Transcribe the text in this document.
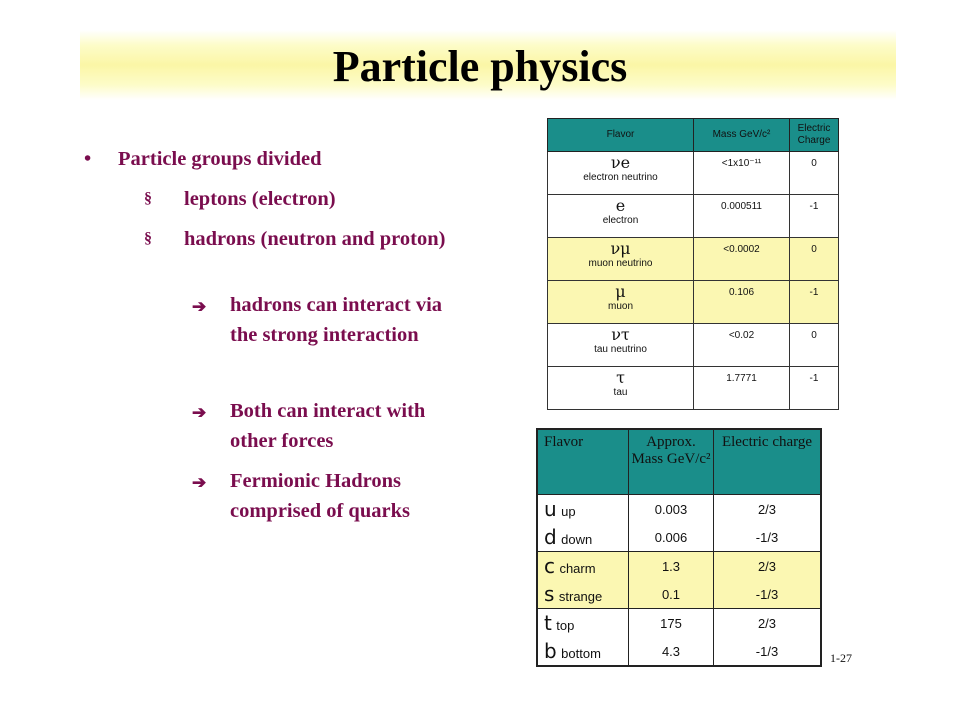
Particle physics
• Particle groups divided
§ leptons (electron)
§ hadrons (neutron and proton)
➔ hadrons can interact via the strong interaction
➔ Both can interact with other forces
➔ Fermionic Hadrons comprised of quarks
Flavor	Mass GeV/c²	Electric Charge

νe
electron neutrino	<1x10⁻¹¹	0

e
electron	0.000511	-1

νμ
muon neutrino	<0.0002	0

μ
muon	0.106	-1

ντ
tau neutrino	<0.02	0

τ
tau	1.7771	-1
Flavor	Approx. Mass GeV/c²	Electric charge
u up	0.003	2/3
d down	0.006	-1/3
c charm	1.3	2/3
s strange	0.1	-1/3
t top	175	2/3
b bottom	4.3	-1/3	1-27
